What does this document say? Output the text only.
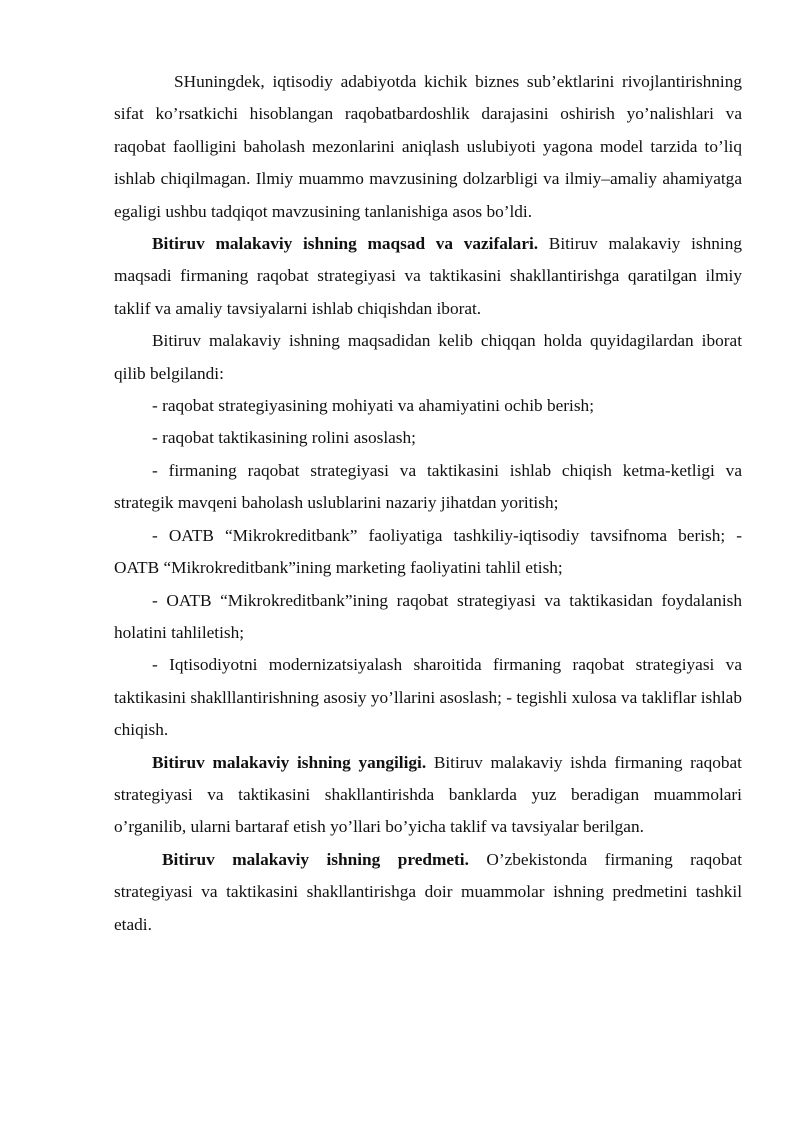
SHuningdek, iqtisodiy adabiyotda kichik biznes sub’ektlarini rivojlantirishning sifat ko’rsatkichi hisoblangan raqobatbardoshlik darajasini oshirish yo’nalishlari va raqobat faolligini baholash mezonlarini aniqlash uslubiyoti yagona model tarzida to’liq ishlab chiqilmagan. Ilmiy muammo mavzusining dolzarbligi va ilmiy–amaliy ahamiyatga egaligi ushbu tadqiqot mavzusining tanlanishiga asos bo’ldi.

Bitiruv malakaviy ishning maqsad va vazifalari. Bitiruv malakaviy ishning maqsadi firmaning raqobat strategiyasi va taktikasini shakllantirishga qaratilgan ilmiy taklif va amaliy tavsiyalarni ishlab chiqishdan iborat.

Bitiruv malakaviy ishning maqsadidan kelib chiqqan holda quyidagilardan iborat qilib belgilandi:

- raqobat strategiyasining mohiyati va ahamiyatini ochib berish;

- raqobat taktikasining rolini asoslash;

- firmaning raqobat strategiyasi va taktikasini ishlab chiqish ketma-ketligi va strategik mavqeni baholash uslublarini nazariy jihatdan yoritish;

- OATB “Mikrokreditbank” faoliyatiga tashkiliy-iqtisodiy tavsifnoma berish; - OATB “Mikrokreditbank”ining marketing faoliyatini tahlil etish;

- OATB “Mikrokreditbank”ining raqobat strategiyasi va taktikasidan foydalanish holatini tahliletish;

- Iqtisodiyotni modernizatsiyalash sharoitida firmaning raqobat strategiyasi va taktikasini shaklllantirishning asosiy yo’llarini asoslash; - tegishli xulosa va takliflar ishlab chiqish.

Bitiruv malakaviy ishning yangiligi. Bitiruv malakaviy ishda firmaning raqobat strategiyasi va taktikasini shakllantirishda banklarda yuz beradigan muammolari o’rganilib, ularni bartaraf etish yo’llari bo’yicha taklif va tavsiyalar berilgan.

Bitiruv malakaviy ishning predmeti. O’zbekistonda firmaning raqobat strategiyasi va taktikasini shakllantirishga doir muammolar ishning predmetini tashkil etadi.
